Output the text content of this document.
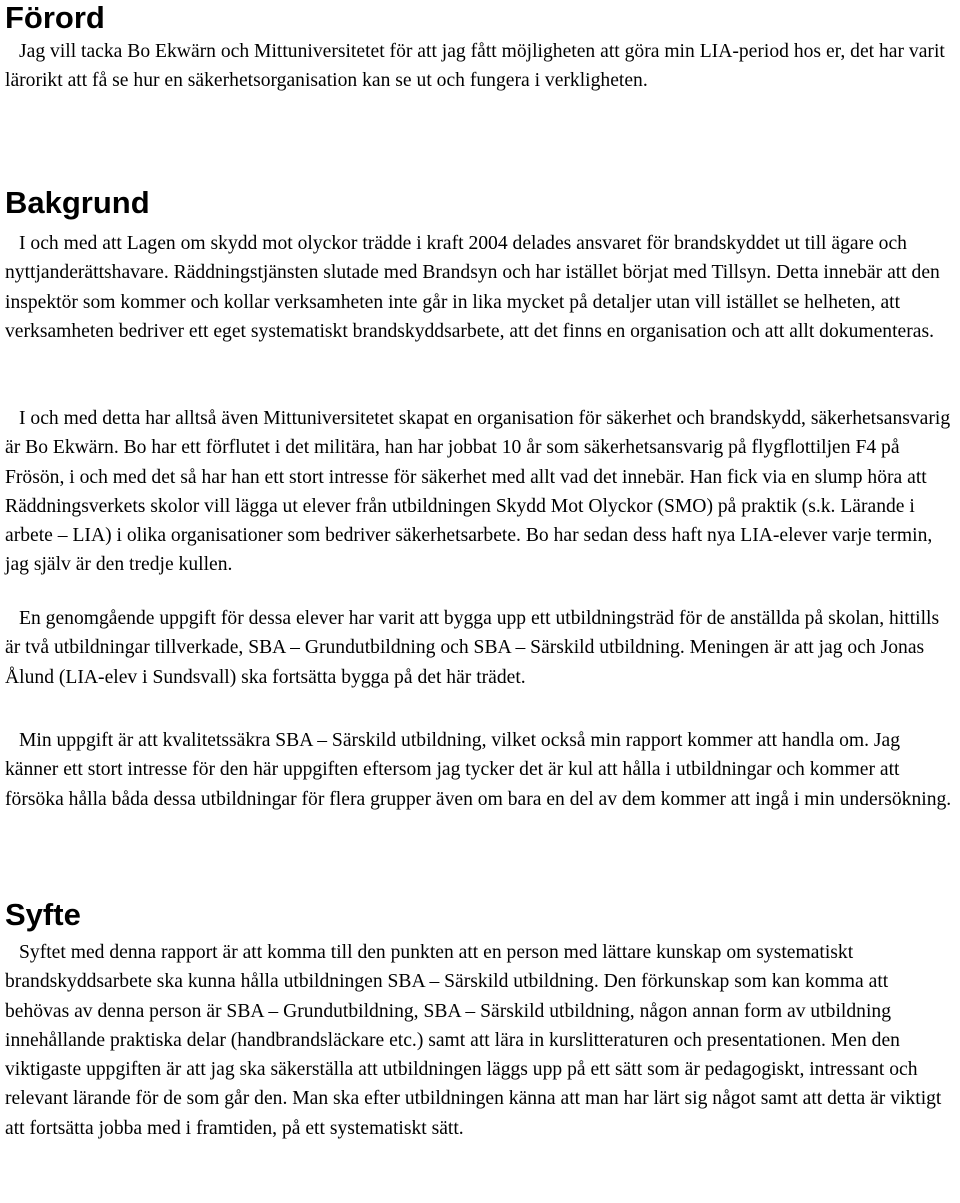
Förord

Jag vill tacka Bo Ekwärn och Mittuniversitetet för att jag fått möjligheten att göra min LIA-period hos er, det har varit lärorikt att få se hur en säkerhetsorganisation kan se ut och fungera i verkligheten.

Bakgrund

I och med att Lagen om skydd mot olyckor trädde i kraft 2004 delades ansvaret för brandskyddet ut till ägare och nyttjanderättshavare. Räddningstjänsten slutade med Brandsyn och har istället börjat med Tillsyn. Detta innebär att den inspektör som kommer och kollar verksamheten inte går in lika mycket på detaljer utan vill istället se helheten, att verksamheten bedriver ett eget systematiskt brandskyddsarbete, att det finns en organisation och att allt dokumenteras.

I och med detta har alltså även Mittuniversitetet skapat en organisation för säkerhet och brandskydd, säkerhetsansvarig är Bo Ekwärn. Bo har ett förflutet i det militära, han har jobbat 10 år som säkerhetsansvarig på flygflottiljen F4 på Frösön, i och med det så har han ett stort intresse för säkerhet med allt vad det innebär. Han fick via en slump höra att Räddningsverkets skolor vill lägga ut elever från utbildningen Skydd Mot Olyckor (SMO) på praktik (s.k. Lärande i arbete – LIA) i olika organisationer som bedriver säkerhetsarbete. Bo har sedan dess haft nya LIA-elever varje termin, jag själv är den tredje kullen.

En genomgående uppgift för dessa elever har varit att bygga upp ett utbildningsträd för de anställda på skolan, hittills är två utbildningar tillverkade, SBA – Grundutbildning och SBA – Särskild utbildning. Meningen är att jag och Jonas Ålund (LIA-elev i Sundsvall) ska fortsätta bygga på det här trädet.

Min uppgift är att kvalitetssäkra SBA – Särskild utbildning, vilket också min rapport kommer att handla om. Jag känner ett stort intresse för den här uppgiften eftersom jag tycker det är kul att hålla i utbildningar och kommer att försöka hålla båda dessa utbildningar för flera grupper även om bara en del av dem kommer att ingå i min undersökning.

Syfte

Syftet med denna rapport är att komma till den punkten att en person med lättare kunskap om systematiskt brandskyddsarbete ska kunna hålla utbildningen SBA – Särskild utbildning. Den förkunskap som kan komma att behövas av denna person är SBA – Grundutbildning, SBA – Särskild utbildning, någon annan form av utbildning innehållande praktiska delar (handbrandsläckare etc.) samt att lära in kurslitteraturen och presentationen. Men den viktigaste uppgiften är att jag ska säkerställa att utbildningen läggs upp på ett sätt som är pedagogiskt, intressant och relevant lärande för de som går den. Man ska efter utbildningen känna att man har lärt sig något samt att detta är viktigt att fortsätta jobba med i framtiden, på ett systematiskt sätt.
